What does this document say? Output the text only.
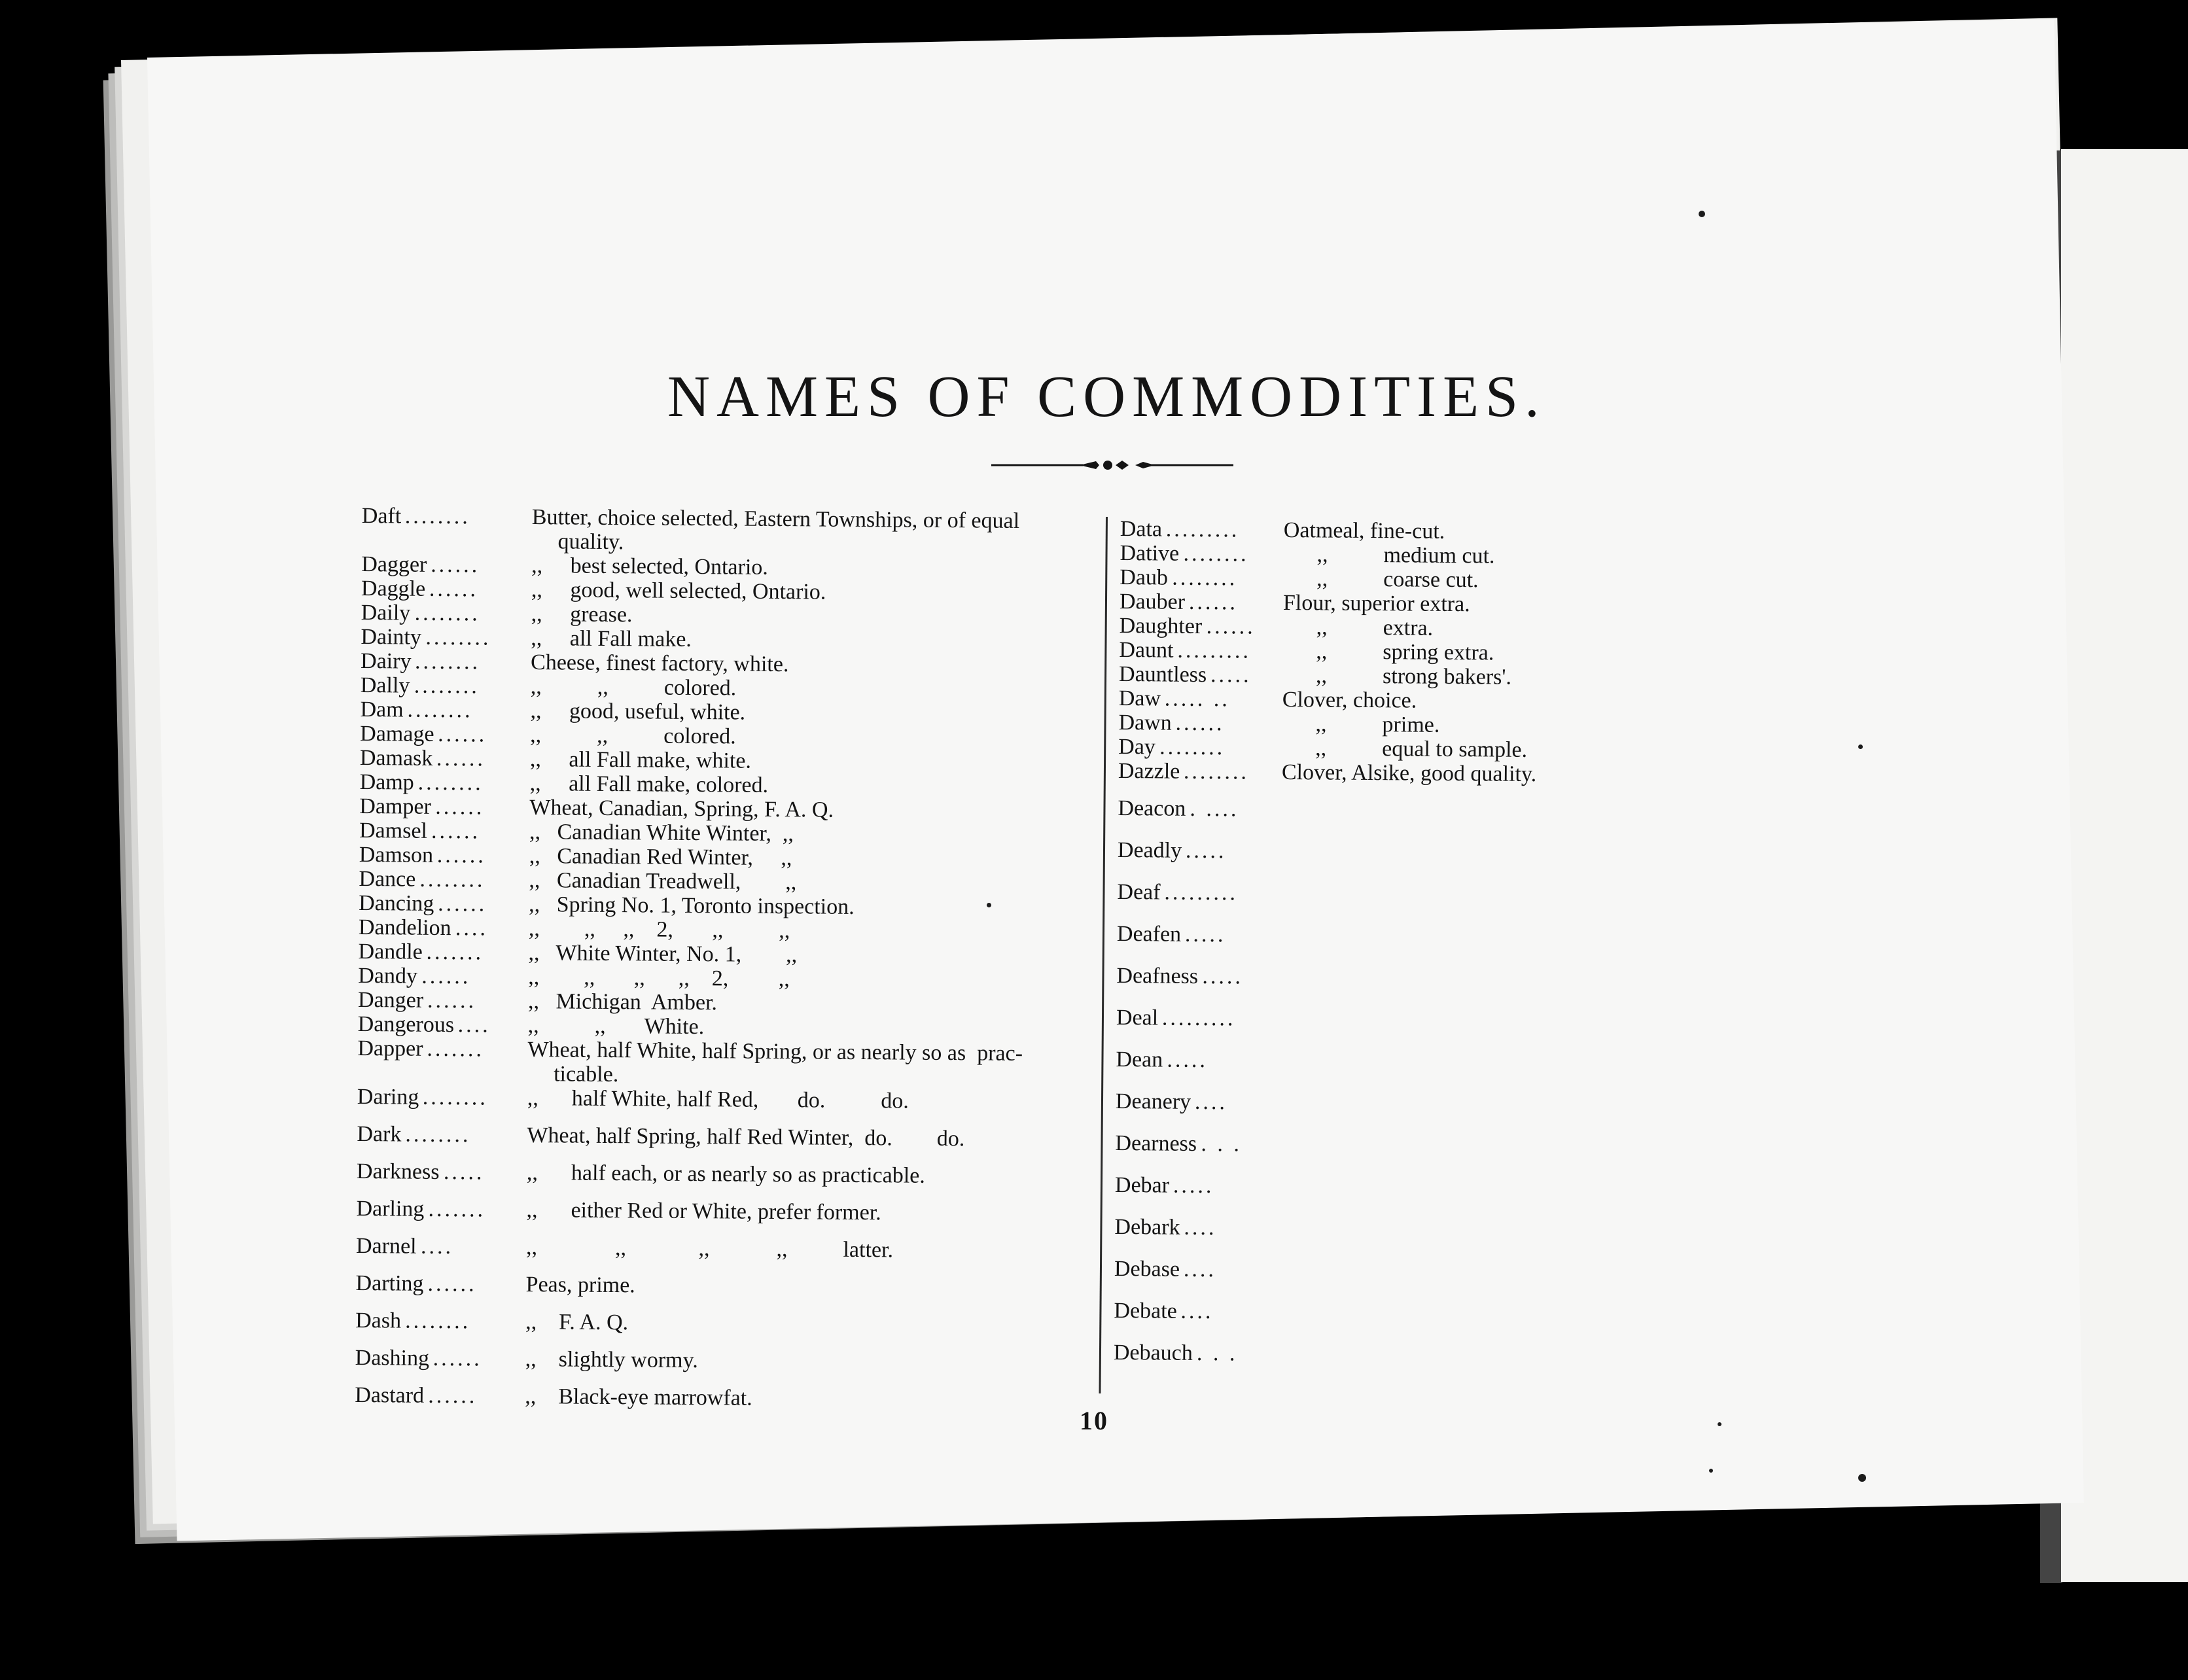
NAMES OF COMMODITIES.
Daft ........	Butter, choice selected, Eastern Townships, or of equal
quality.
Dagger ...... ,,     best selected, Ontario.
Daggle ...... ,,     good, well selected, Ontario.
Daily ........ ,,     grease.
Dainty ........ ,,     all Fall make.
Dairy ........ Cheese, finest factory, white.
Dally ........ ,,          ,,          colored.
Dam ........	,,     good, useful, white.
Damage ...... ,,          ,,          colored.
Damask ...... ,,     all Fall make, white.
Damp ........ ,,     all Fall make, colored.
Damper ...... Wheat, Canadian, Spring, F. A. Q.
Damsel ...... ,,   Canadian White Winter,  ,,
Damson ...... ,,   Canadian Red Winter,     ,,
Dance ........ ,,   Canadian Treadwell,        ,,
Dancing ...... ,,   Spring No. 1, Toronto inspection.
Dandelion .... ,,        ,,     ,,    2,       ,,          ,,
Dandle ....... ,,   White Winter, No. 1,        ,,
Dandy ......	,,        ,,       ,,      ,,    2,         ,,
Danger ...... ,,   Michigan  Amber.
Dangerous .... ,,          ,,       White.
Dapper ....... Wheat, half White, half Spring, or as nearly so as  prac-
ticable.
Daring ........ ,,      half White, half Red,       do.          do.
Dark ........	Wheat, half Spring, half Red Winter,  do.        do.
Darkness ..... ,,      half each, or as nearly so as practicable.
Darling ....... ,,      either Red or White, prefer former.
Darnel ....	,,              ,,             ,,            ,,          latter.
Darting ...... Peas, prime.
Dash ........ ,,    F. A. Q.
Dashing ...... ,,    slightly wormy.
Dastard ...... ,,    Black-eye marrowfat.
Data ......... Oatmeal, fine-cut.
Dative ........ ,,          medium cut.
Daub ........ ,,          coarse cut.
Dauber ...... Flour, superior extra.
Daughter ...... ,,          extra.
Daunt ......... ,,          spring extra.
Dauntless ..... ,,          strong bakers'.
Daw ..... .. Clover, choice.
Dawn ......	,,          prime.
Day ........	,,          equal to sample.
Dazzle ........ Clover, Alsike, good quality.
Deacon . ....
Deadly .....
Deaf .........
Deafen .....
Deafness .....
Deal .........
Dean .....
Deanery ....
Dearness . . .
Debar .....
Debark ....
Debase ....
Debate ....
Debauch . . .

10
